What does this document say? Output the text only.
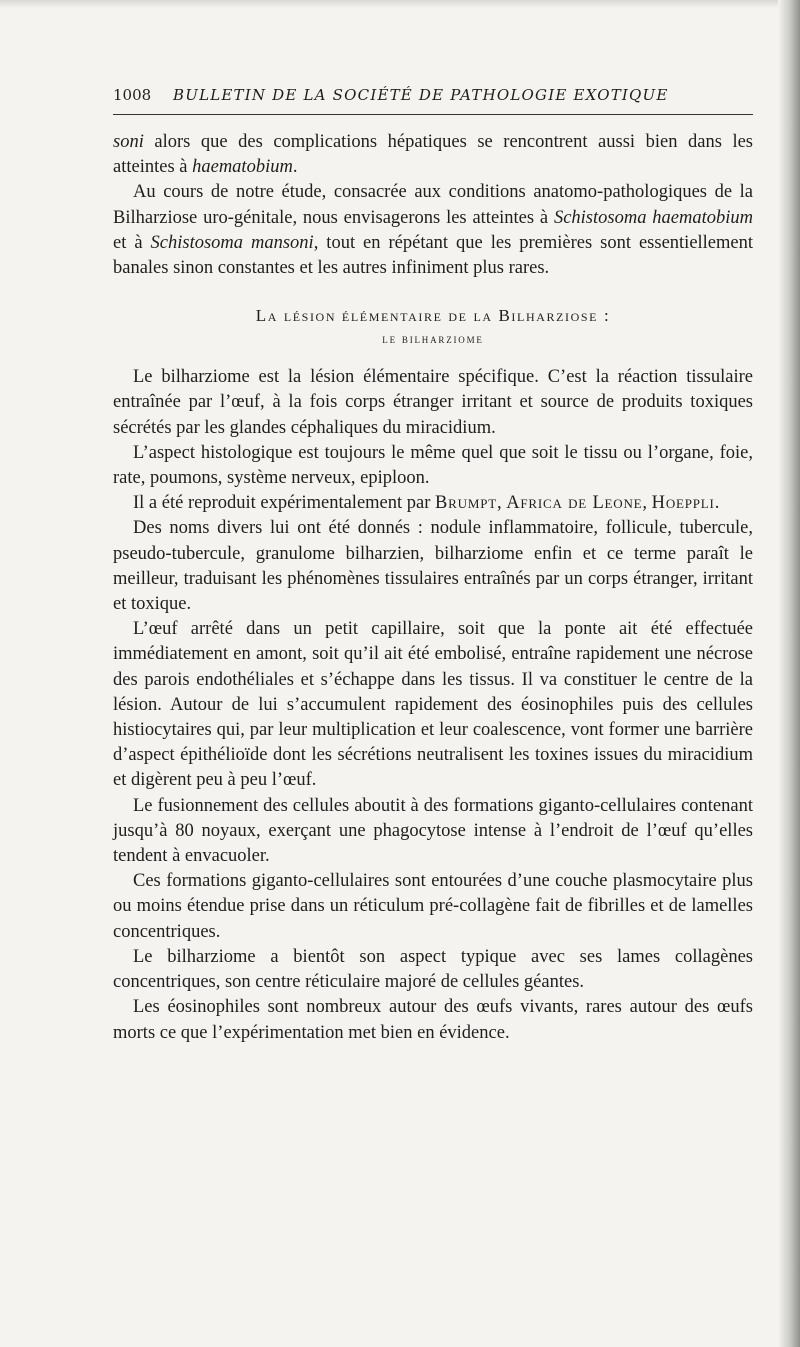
1008 BULLETIN DE LA SOCIÉTÉ DE PATHOLOGIE EXOTIQUE

soni alors que des complications hépatiques se rencontrent aussi bien dans les atteintes à haematobium.

Au cours de notre étude, consacrée aux conditions anatomo-pathologiques de la Bilharziose uro-génitale, nous envisagerons les atteintes à Schistosoma haematobium et à Schistosoma mansoni, tout en répétant que les premières sont essentiellement banales sinon constantes et les autres infiniment plus rares.

La lésion élémentaire de la Bilharziose :
le bilharziome

Le bilharziome est la lésion élémentaire spécifique. C’est la réaction tissulaire entraînée par l’œuf, à la fois corps étranger irritant et source de produits toxiques sécrétés par les glandes céphaliques du miracidium.

L’aspect histologique est toujours le même quel que soit le tissu ou l’organe, foie, rate, poumons, système nerveux, epiploon.

Il a été reproduit expérimentalement par Brumpt, Africa de Leone, Hoeppli.

Des noms divers lui ont été donnés : nodule inflammatoire, follicule, tubercule, pseudo-tubercule, granulome bilharzien, bilharziome enfin et ce terme paraît le meilleur, traduisant les phénomènes tissulaires entraînés par un corps étranger, irritant et toxique.

L’œuf arrêté dans un petit capillaire, soit que la ponte ait été effectuée immédiatement en amont, soit qu’il ait été embolisé, entraîne rapidement une nécrose des parois endothéliales et s’échappe dans les tissus. Il va constituer le centre de la lésion. Autour de lui s’accumulent rapidement des éosinophiles puis des cellules histiocytaires qui, par leur multiplication et leur coalescence, vont former une barrière d’aspect épithélioïde dont les sécrétions neutralisent les toxines issues du miracidium et digèrent peu à peu l’œuf.

Le fusionnement des cellules aboutit à des formations giganto-cellulaires contenant jusqu’à 80 noyaux, exerçant une phagocytose intense à l’endroit de l’œuf qu’elles tendent à envacuoler.

Ces formations giganto-cellulaires sont entourées d’une couche plasmocytaire plus ou moins étendue prise dans un réticulum pré-collagène fait de fibrilles et de lamelles concentriques.

Le bilharziome a bientôt son aspect typique avec ses lames collagènes concentriques, son centre réticulaire majoré de cellules géantes.

Les éosinophiles sont nombreux autour des œufs vivants, rares autour des œufs morts ce que l’expérimentation met bien en évidence.
